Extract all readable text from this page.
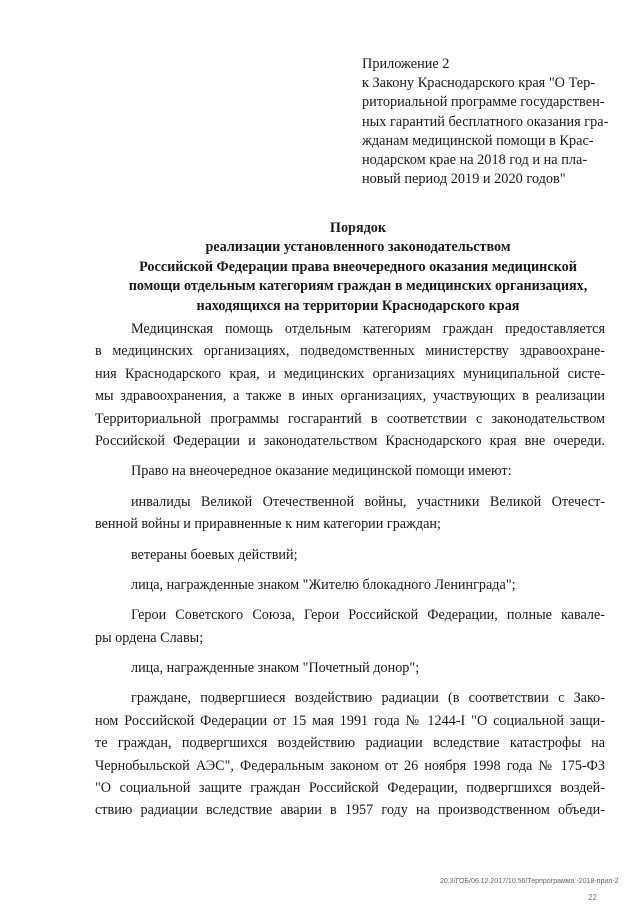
Приложение 2
к Закону Краснодарского края "О Тер-
риториальной программе государствен-
ных гарантий бесплатного оказания гра-
жданам медицинской помощи в Крас-
нодарском крае на 2018 год и на пла-
новый период 2019 и 2020 годов"
Порядок
реализации установленного законодательством
Российской Федерации права внеочередного оказания медицинской
помощи отдельным категориям граждан в медицинских организациях,
находящихся на территории Краснодарского края
Медицинская помощь отдельным категориям граждан предоставляется
в медицинских организациях, подведомственных министерству здравоохране-
ния Краснодарского края, и медицинских организациях муниципальной систе-
мы здравоохранения, а также в иных организациях, участвующих в реализации
Территориальной программы госгарантий в соответствии с законодательством
Российской Федерации и законодательством Краснодарского края вне очереди.
Право на внеочередное оказание медицинской помощи имеют:
инвалиды Великой Отечественной войны, участники Великой Отечест-
венной войны и приравненные к ним категории граждан;
ветераны боевых действий;
лица, награжденные знаком "Жителю блокадного Ленинграда";
Герои Советского Союза, Герои Российской Федерации, полные кавале-
ры ордена Славы;
лица, награжденные знаком "Почетный донор";
граждане, подвергшиеся воздействию радиации (в соответствии с Зако-
ном Российской Федерации от 15 мая 1991 года № 1244-I "О социальной защи-
те граждан, подвергшихся воздействию радиации вследствие катастрофы на
Чернобыльской АЭС", Федеральным законом от 26 ноября 1998 года № 175-ФЗ
"О социальной защите граждан Российской Федерации, подвергшихся воздей-
ствию радиации вследствие аварии в 1957 году на производственном объеди-
20.3/ГОБ/06.12.2017/10.56/Терпрограмма -2018-прил-2
22
